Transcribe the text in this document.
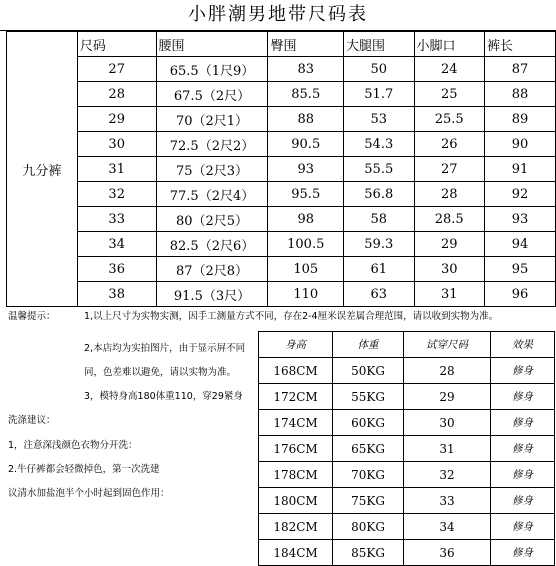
小胖潮男地带尺码表
九分裤	尺码	腰围	臀围	大腿围	小脚口	裤长
	27	65.5（1尺9）	83	50	24	87
	28	67.5（2尺）	85.5	51.7	25	88
	29	70（2尺1）	88	53	25.5	89
	30	72.5（2尺2）	90.5	54.3	26	90
	31	75（2尺3）	93	55.5	27	91
	32	77.5（2尺4）	95.5	56.8	28	92
	33	80（2尺5）	98	58	28.5	93
	34	82.5（2尺6）	100.5	59.3	29	94
	36	87（2尺8）	105	61	30	95
	38	91.5（3尺）	110	63	31	96
温馨提示：	1,以上尺寸为实物实测，因手工测量方式不同，存在2-4厘米误差属合理范围，请以收到实物为准。
2,本店均为实拍图片，由于显示屏不同
同，色差难以避免，请以实物为准。
3，模特身高180体重110，穿29紧身
洗涤建议：
1，注意深浅颜色衣物分开洗：
2.牛仔裤都会轻微掉色，第一次洗建
议清水加盐泡半个小时起到固色作用：
身高	体重	试穿尺码	效果
168CM	50KG	28	修身
172CM	55KG	29	修身
174CM	60KG	30	修身
176CM	65KG	31	修身
178CM	70KG	32	修身
180CM	75KG	33	修身
182CM	80KG	34	修身
184CM	85KG	36	修身
